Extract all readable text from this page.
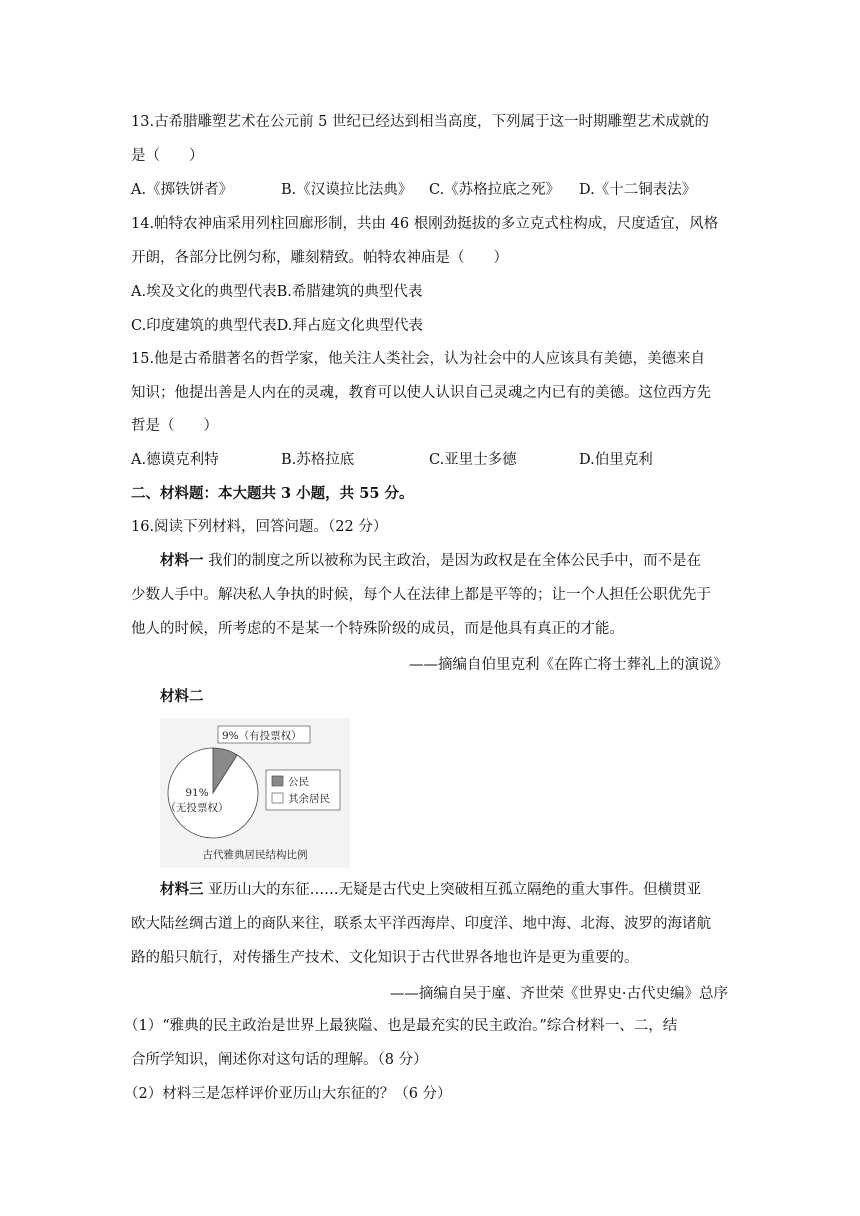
13.古希腊雕塑艺术在公元前 5 世纪已经达到相当高度，下列属于这一时期雕塑艺术成就的
是（　　）
A.《掷铁饼者》	B.《汉谟拉比法典》 C.《苏格拉底之死》 D.《十二铜表法》
14.帕特农神庙采用列柱回廊形制，共由 46 根刚劲挺拔的多立克式柱构成，尺度适宜，风格
开朗，各部分比例匀称，雕刻精致。帕特农神庙是（　　）
A.埃及文化的典型代表B.希腊建筑的典型代表
C.印度建筑的典型代表D.拜占庭文化典型代表
15.他是古希腊著名的哲学家，他关注人类社会，认为社会中的人应该具有美德，美德来自
知识；他提出善是人内在的灵魂，教育可以使人认识自己灵魂之内已有的美德。这位西方先
哲是（　　）
A.德谟克利特	B.苏格拉底	C.亚里士多德	D.伯里克利
二、材料题：本大题共 3 小题，共 55 分。
16.阅读下列材料，回答问题。（22 分）
材料一 我们的制度之所以被称为民主政治，是因为政权是在全体公民手中，而不是在
少数人手中。解决私人争执的时候，每个人在法律上都是平等的；让一个人担任公职优先于
他人的时候，所考虑的不是某一个特殊阶级的成员，而是他具有真正的才能。
——摘编自伯里克利《在阵亡将士葬礼上的演说》
材料二
9%（有投票权）
91%
（无投票权）
公民
其余居民
古代雅典居民结构比例
材料三 亚历山大的东征……无疑是古代史上突破相互孤立隔绝的重大事件。但横贯亚
欧大陆丝绸古道上的商队来往，联系太平洋西海岸、印度洋、地中海、北海、波罗的海诸航
路的船只航行，对传播生产技术、文化知识于古代世界各地也许是更为重要的。
——摘编自吴于廑、齐世荣《世界史·古代史编》总序
（1）“雅典的民主政治是世界上最狭隘、也是最充实的民主政治。”综合材料一、二，结
合所学知识，阐述你对这句话的理解。（8 分）
（2）材料三是怎样评价亚历山大东征的？（6 分）
